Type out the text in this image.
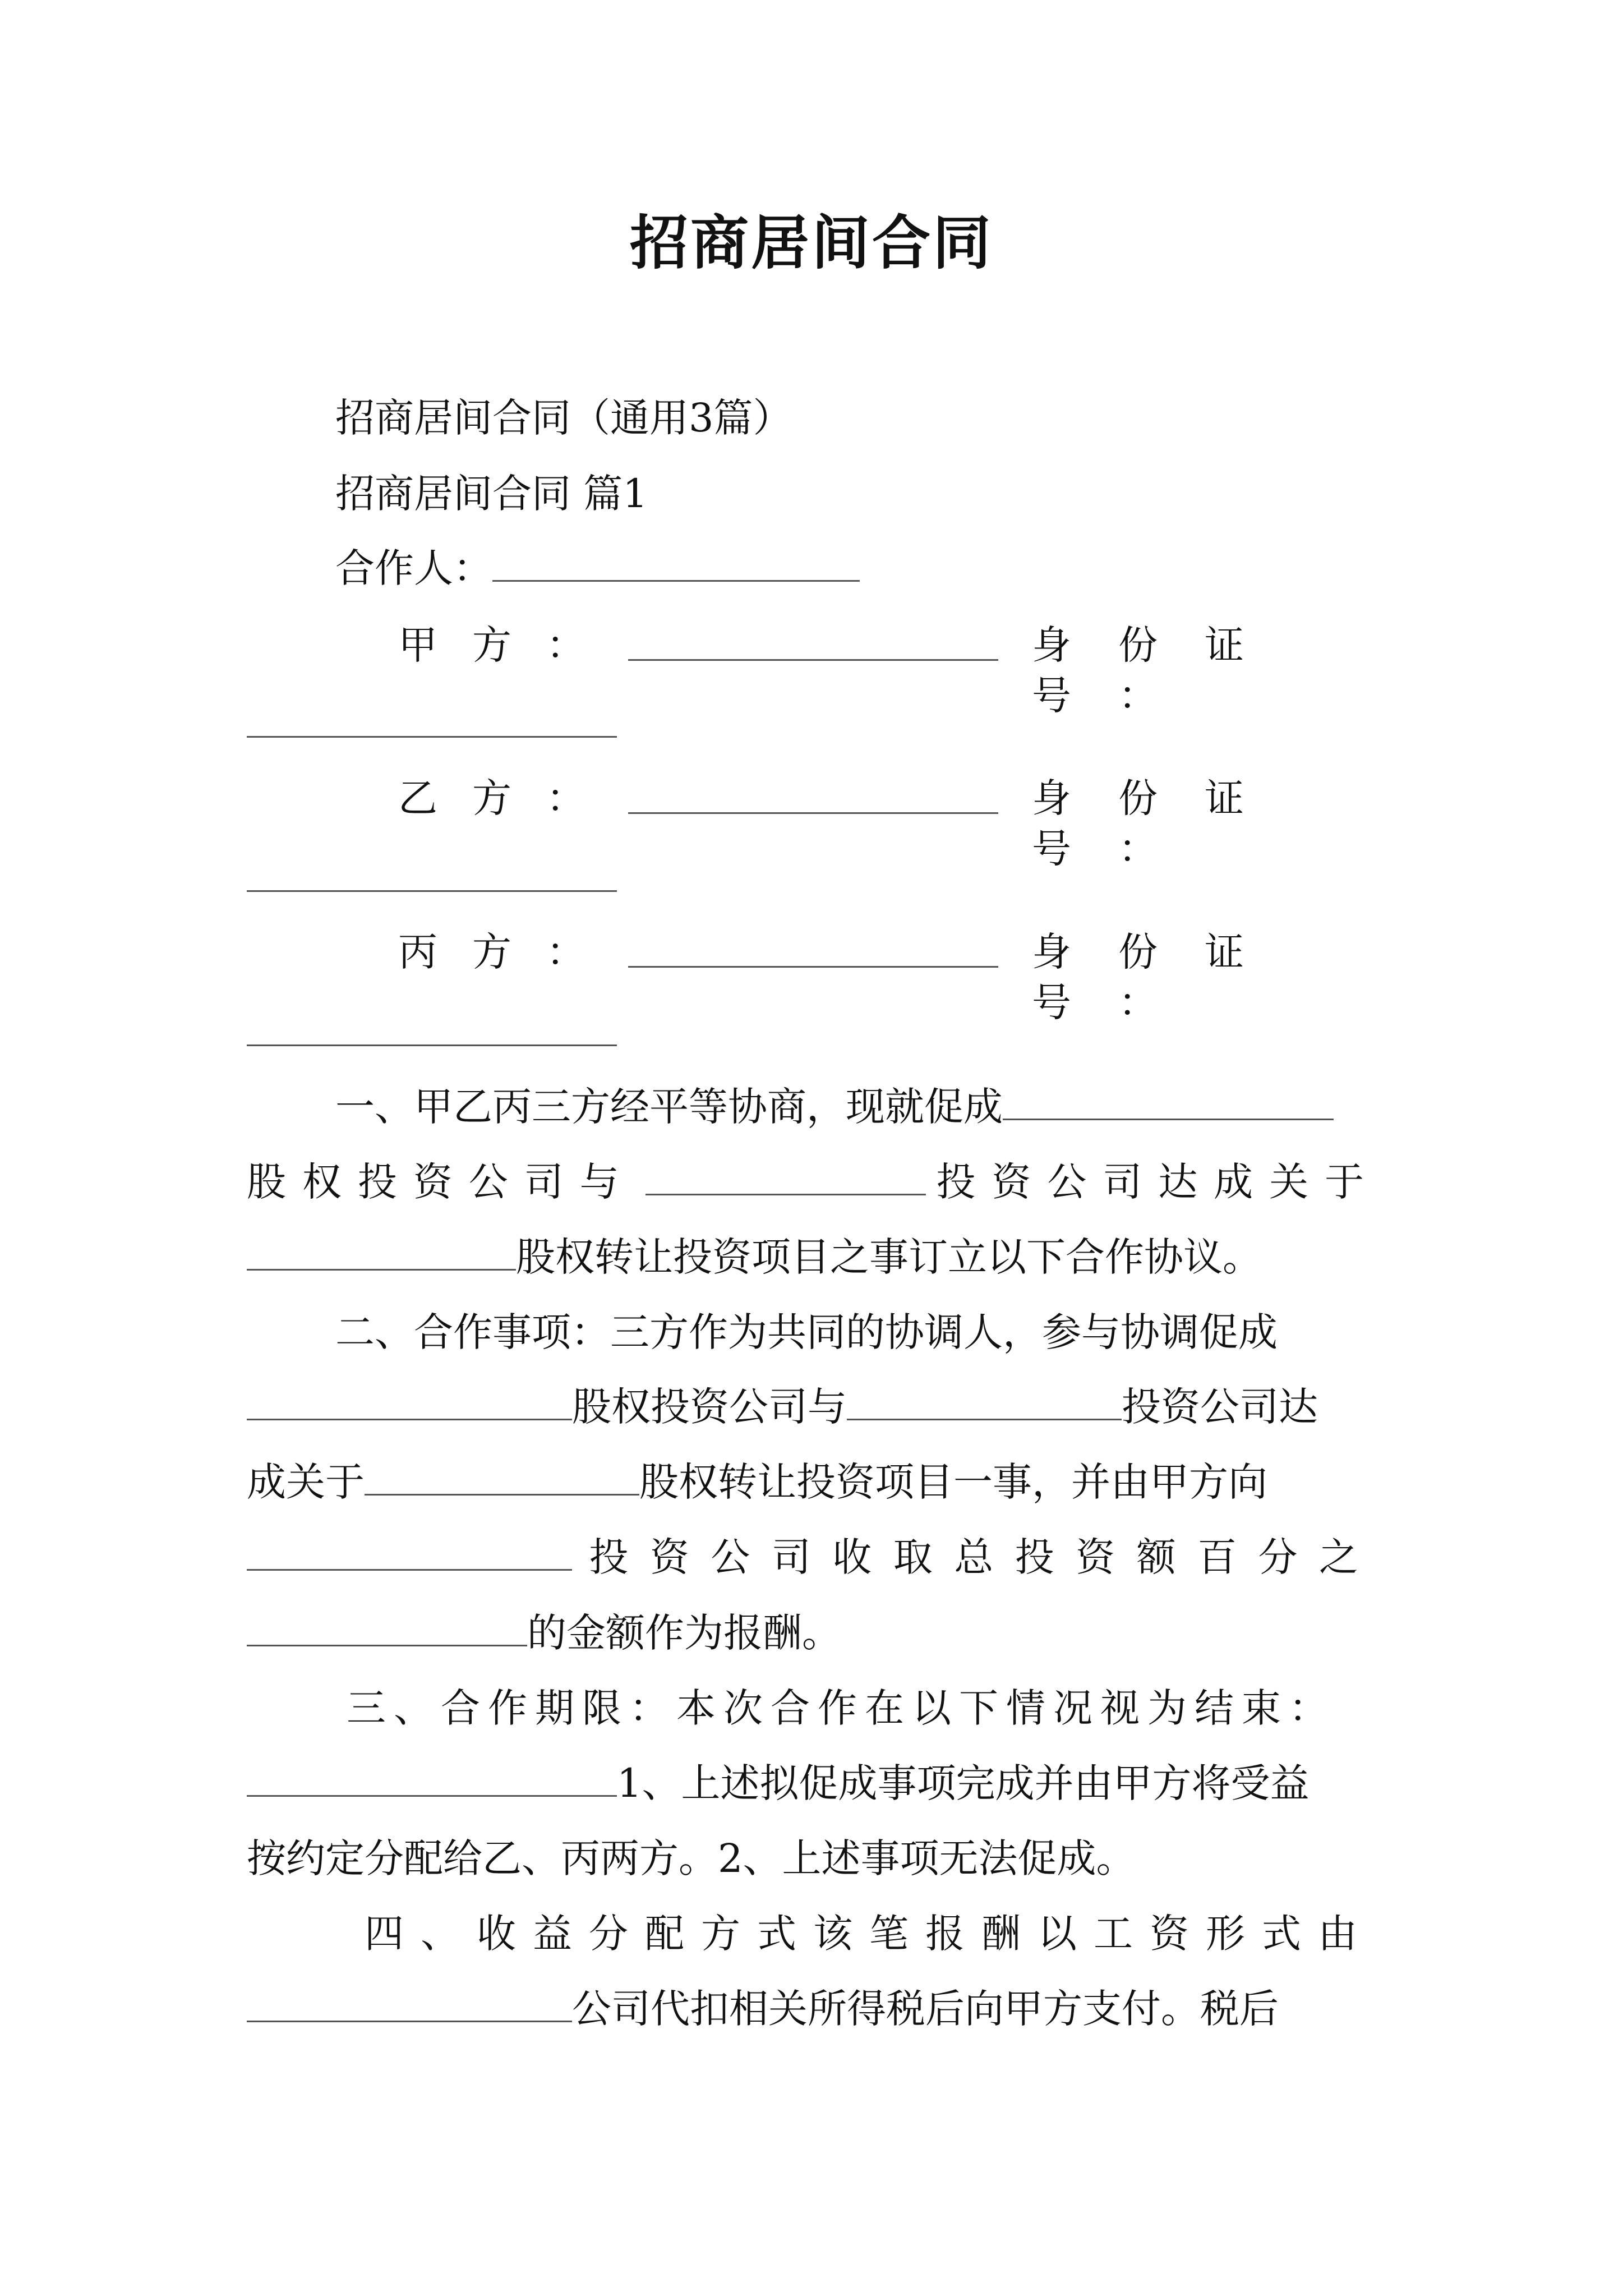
招商居间合同
招商居间合同（通用3篇）
招商居间合同 篇1
合作人：
甲方：	身份证号：
乙方：	身份证号：
丙方：	身份证号：
一、甲乙丙三方经平等协商，现就促成
股权投资公司与	投资公司达成关于
股权转让投资项目之事订立以下合作协议。
二、合作事项：三方作为共同的协调人，参与协调促成
股权投资公司与	投资公司达
成关于	股权转让投资项目一事，并由甲方向
投资公司收取总投资额百分之
的金额作为报酬。
三、合作期限：本次合作在以下情况视为结束：
1、上述拟促成事项完成并由甲方将受益
按约定分配给乙、丙两方。2、上述事项无法促成。
四、收益分配方式该笔报酬以工资形式由
公司代扣相关所得税后向甲方支付。税后
